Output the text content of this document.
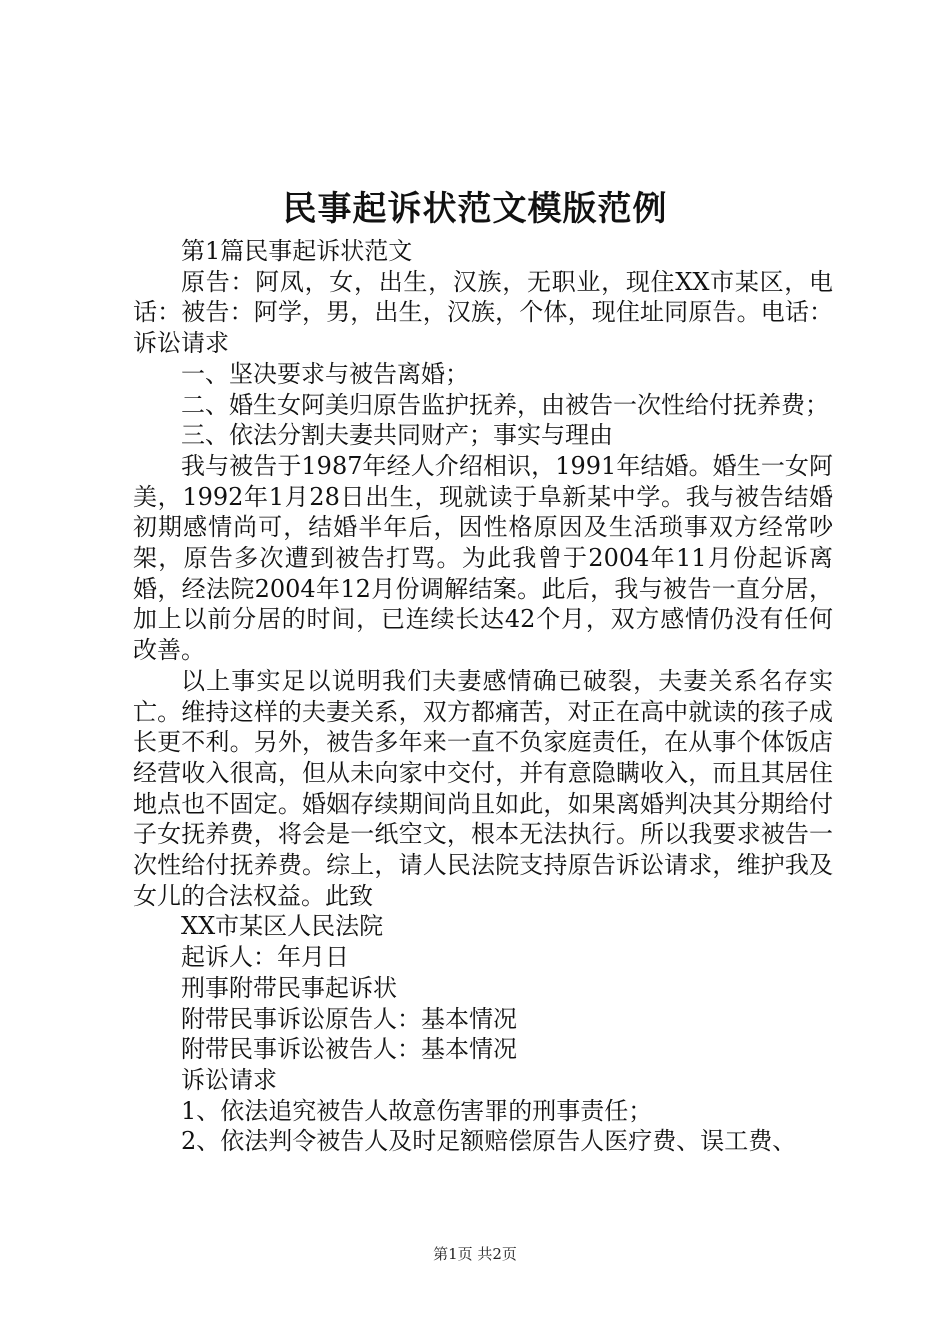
民事起诉状范文模版范例

第1篇民事起诉状范文

原告：阿凤，女，出生，汉族，无职业，现住XX市某区，电话：被告：阿学，男，出生，汉族，个体，现住址同原告。电话：诉讼请求

一、坚决要求与被告离婚；

二、婚生女阿美归原告监护抚养，由被告一次性给付抚养费；

三、依法分割夫妻共同财产；事实与理由

我与被告于1987年经人介绍相识，1991年结婚。婚生一女阿美，1992年1月28日出生，现就读于阜新某中学。我与被告结婚初期感情尚可，结婚半年后，因性格原因及生活琐事双方经常吵架，原告多次遭到被告打骂。为此我曾于2004年11月份起诉离婚，经法院2004年12月份调解结案。此后，我与被告一直分居，加上以前分居的时间，已连续长达42个月，双方感情仍没有任何改善。

以上事实足以说明我们夫妻感情确已破裂，夫妻关系名存实亡。维持这样的夫妻关系，双方都痛苦，对正在高中就读的孩子成长更不利。另外，被告多年来一直不负家庭责任，在从事个体饭店经营收入很高，但从未向家中交付，并有意隐瞒收入，而且其居住地点也不固定。婚姻存续期间尚且如此，如果离婚判决其分期给付子女抚养费，将会是一纸空文，根本无法执行。所以我要求被告一次性给付抚养费。综上，请人民法院支持原告诉讼请求，维护我及女儿的合法权益。此致

XX市某区人民法院

起诉人：年月日

刑事附带民事起诉状

附带民事诉讼原告人：基本情况

附带民事诉讼被告人：基本情况

诉讼请求

1、依法追究被告人故意伤害罪的刑事责任；

2、依法判令被告人及时足额赔偿原告人医疗费、误工费、

第1页 共2页
